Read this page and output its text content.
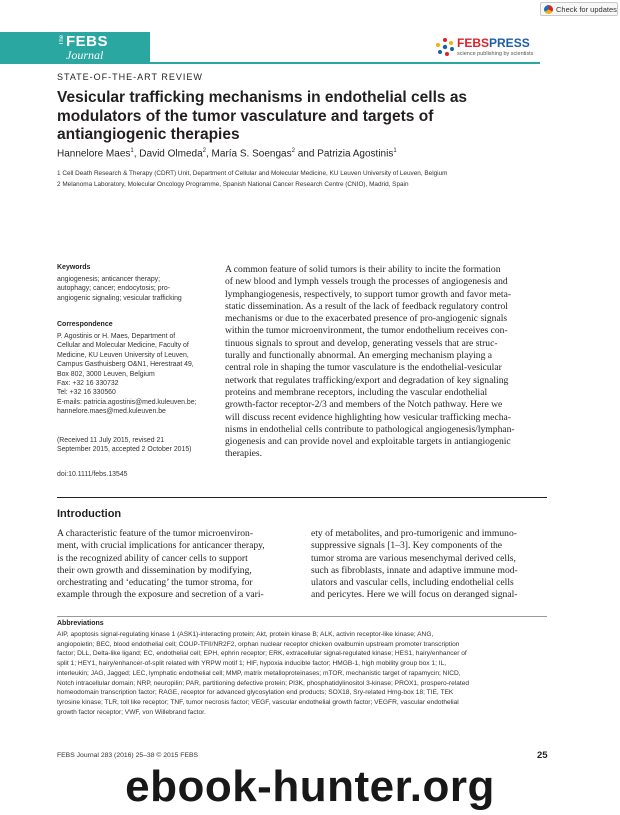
Check for updates
The FEBS
Journal
FEBSPRESS
science publishing by scientists
STATE-OF-THE-ART REVIEW
Vesicular trafficking mechanisms in endothelial cells as
modulators of the tumor vasculature and targets of
antiangiogenic therapies
Hannelore Maes$^1$, David Olmeda$^2$, María S. Soengas$^2$ and Patrizia Agostinis$^1$
1 Cell Death Research & Therapy (CDRT) Unit, Department of Cellular and Molecular Medicine, KU Leuven University of Leuven, Belgium
2 Melanoma Laboratory, Molecular Oncology Programme, Spanish National Cancer Research Centre (CNIO), Madrid, Spain
Keywords
angiogenesis; anticancer therapy;
autophagy; cancer; endocytosis; pro-
angiogenic signaling; vesicular trafficking
Correspondence
P. Agostinis or H. Maes, Department of
Cellular and Molecular Medicine, Faculty of
Medicine, KU Leuven University of Leuven,
Campus Gasthuisberg O&N1, Herestraat 49,
Box 802, 3000 Leuven, Belgium
Fax: +32 16 330732
Tel: +32 16 330560
E-mails: patricia.agostinis@med.kuleuven.be;
hannelore.maes@med.kuleuven.be
(Received 11 July 2015, revised 21
September 2015, accepted 2 October 2015)
doi:10.1111/febs.13545
A common feature of solid tumors is their ability to incite the formation
of new blood and lymph vessels trough the processes of angiogenesis and
lymphangiogenesis, respectively, to support tumor growth and favor meta-
static dissemination. As a result of the lack of feedback regulatory control
mechanisms or due to the exacerbated presence of pro-angiogenic signals
within the tumor microenvironment, the tumor endothelium receives con-
tinuous signals to sprout and develop, generating vessels that are struc-
turally and functionally abnormal. An emerging mechanism playing a
central role in shaping the tumor vasculature is the endothelial-vesicular
network that regulates trafficking/export and degradation of key signaling
proteins and membrane receptors, including the vascular endothelial
growth-factor receptor-2/3 and members of the Notch pathway. Here we
will discuss recent evidence highlighting how vesicular trafficking mecha-
nisms in endothelial cells contribute to pathological angiogenesis/lymphan-
giogenesis and can provide novel and exploitable targets in antiangiogenic
therapies.
Introduction
A characteristic feature of the tumor microenviron-
ment, with crucial implications for anticancer therapy,
is the recognized ability of cancer cells to support
their own growth and dissemination by modifying,
orchestrating and ‘educating’ the tumor stroma, for
example through the exposure and secretion of a vari-
ety of metabolites, and pro-tumorigenic and immuno-
suppressive signals [1–3]. Key components of the
tumor stroma are various mesenchymal derived cells,
such as fibroblasts, innate and adaptive immune mod-
ulators and vascular cells, including endothelial cells
and pericytes. Here we will focus on deranged signal-
Abbreviations
AIP, apoptosis signal-regulating kinase 1 (ASK1)-interacting protein; Akt, protein kinase B; ALK, activin receptor-like kinase; ANG,
angiopoietin; BEC, blood endothelial cell; COUP-TFII/NR2F2, orphan nuclear receptor chicken ovalbumin upstream promoter transcription
factor; DLL, Delta-like ligand; EC, endothelial cell; EPH, ephrin receptor; ERK, extracellular signal-regulated kinase; HES1, hairy/enhancer of
split 1; HEY1, hairy/enhancer-of-split related with YRPW motif 1; HIF, hypoxia inducible factor; HMGB-1, high mobility group box 1; IL,
interleukin; JAG, Jagged; LEC, lymphatic endothelial cell; MMP, matrix metalloproteinases; mTOR, mechanistic target of rapamycin; NICD,
Notch intracellular domain; NRP, neuropilin; PAR, partitioning defective protein; PI3K, phosphatidylinositol 3-kinase; PROX1, prospero-related
homeodomain transcription factor; RAGE, receptor for advanced glycosylation end products; SOX18, Sry-related Hmg-box 18; TIE, TEK
tyrosine kinase; TLR, toll like receptor; TNF, tumor necrosis factor; VEGF, vascular endothelial growth factor; VEGFR, vascular endothelial
growth factor receptor; VWF, von Willebrand factor.
FEBS Journal 283 (2016) 25–38 © 2015 FEBS	25
ebook-hunter.org
